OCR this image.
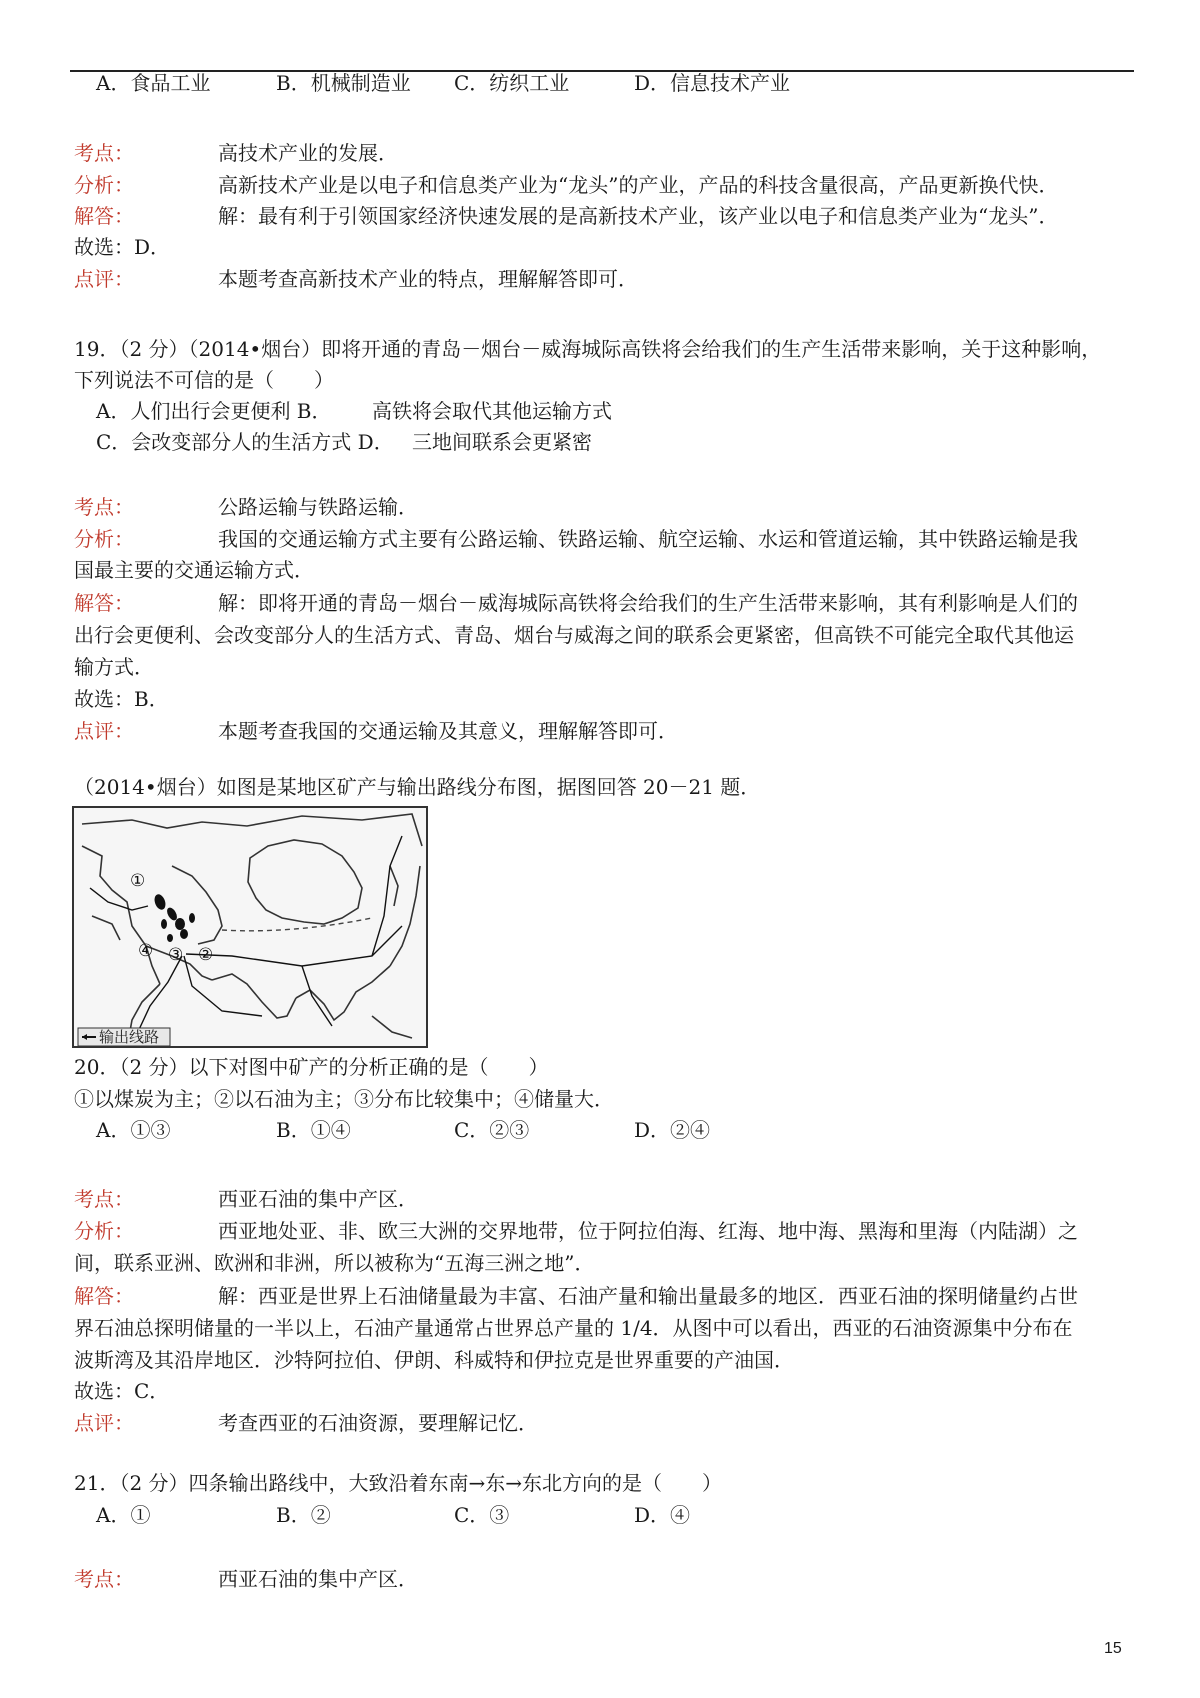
A．食品工业	B．机械制造业 C．纺织工业	D．信息技术产业
考点：	高技术产业的发展．
分析：	高新技术产业是以电子和信息类产业为“龙头”的产业，产品的科技含量很高，产品更新换代快．
解答：	解：最有利于引领国家经济快速发展的是高新技术产业，该产业以电子和信息类产业为“龙头”．
故选：D．
点评：	本题考查高新技术产业的特点，理解解答即可．
19．（2 分）（2014•烟台）即将开通的青岛－烟台－威海城际高铁将会给我们的生产生活带来影响，关于这种影响，
下列说法不可信的是（　　）
A．人们出行会更便利 B． 高铁将会取代其他运输方式
C．会改变部分人的生活方式 D． 三地间联系会更紧密
考点：	公路运输与铁路运输．
分析：	我国的交通运输方式主要有公路运输、铁路运输、航空运输、水运和管道运输，其中铁路运输是我
国最主要的交通运输方式．
解答：	解：即将开通的青岛－烟台－威海城际高铁将会给我们的生产生活带来影响，其有利影响是人们的
出行会更便利、会改变部分人的生活方式、青岛、烟台与威海之间的联系会更紧密，但高铁不可能完全取代其他运
输方式．
故选：B．
点评：	本题考查我国的交通运输及其意义，理解解答即可．
（2014•烟台）如图是某地区矿产与输出路线分布图，据图回答 20－21 题．
输出线路
①
④ ③ ②
20．（2 分）以下对图中矿产的分析正确的是（　　）
①以煤炭为主；②以石油为主；③分布比较集中；④储量大．
A．①③	B．①④	C．②③	D．②④
考点：	西亚石油的集中产区．
分析：	西亚地处亚、非、欧三大洲的交界地带，位于阿拉伯海、红海、地中海、黑海和里海（内陆湖）之
间，联系亚洲、欧洲和非洲，所以被称为“五海三洲之地”．
解答：	解：西亚是世界上石油储量最为丰富、石油产量和输出量最多的地区．西亚石油的探明储量约占世
界石油总探明储量的一半以上，石油产量通常占世界总产量的 1/4．从图中可以看出，西亚的石油资源集中分布在
波斯湾及其沿岸地区．沙特阿拉伯、伊朗、科威特和伊拉克是世界重要的产油国．
故选：C．
点评：	考查西亚的石油资源，要理解记忆．
21．（2 分）四条输出路线中，大致沿着东南→东→东北方向的是（　　）
A．①	B．②	C．③	D．④
考点：	西亚石油的集中产区．
15
